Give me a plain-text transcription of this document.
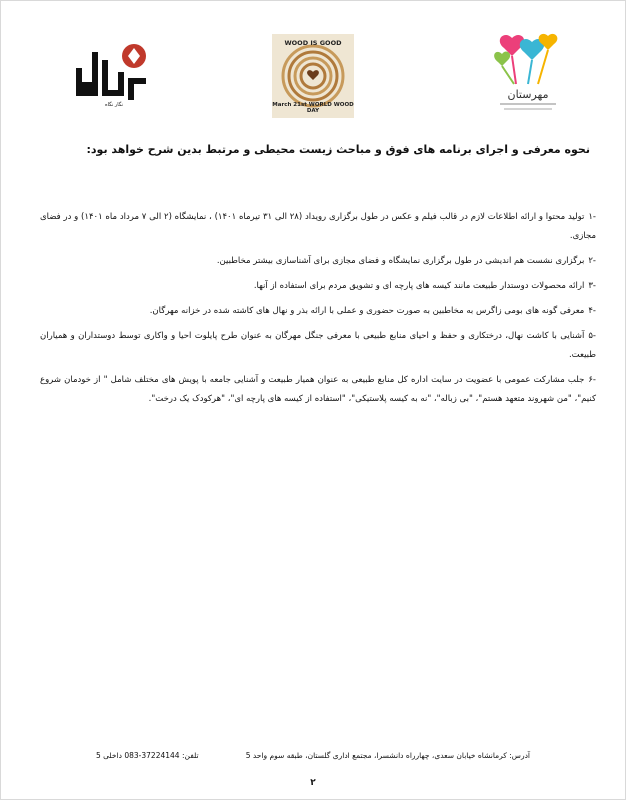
مهرستان
WOOD IS GOOD
March 21st WORLD WOOD DAY
نگار نگاه
نحوه معرفی و اجرای برنامه های فوق و مباحث زیست محیطی و مرتبط بدین شرح خواهد بود:
-۱تولید محتوا و ارائه اطلاعات لازم در قالب فیلم و عکس در طول برگزاری رویداد (۲۸ الی ۳۱ تیرماه ۱۴۰۱) ، نمایشگاه (۲ الی ۷ مرداد ماه ۱۴۰۱) و در فضای مجازی.
-۲برگزاری نشست هم اندیشی در طول برگزاری نمایشگاه و فضای مجازی برای آشناسازی بیشتر مخاطبین.
-۳ارائه محصولات دوستدار طبیعت مانند کیسه های پارچه ای و تشویق مردم برای استفاده از آنها.
-۴معرفی گونه های بومی زاگرس به مخاطبین به صورت حضوری و عملی با ارائه بذر و نهال های کاشته شده در خزانه مهرگان.
-۵آشنایی با کاشت نهال، درختکاری و حفظ و احیای منابع طبیعی با معرفی جنگل مهرگان به عنوان طرح پایلوت احیا و واکاری توسط دوستداران و همیاران طبیعت.
-۶جلب مشارکت عمومی با عضویت در سایت اداره کل منابع طبیعی به عنوان همیار طبیعت و آشنایی جامعه با پویش های مختلف شامل " از خودمان شروع کنیم"، "من شهروند متعهد هستم"، "بی زباله"، "نه به کیسه پلاستیکی"، "استفاده از کیسه های پارچه ای"، "هرکودک یک درخت".
آدرس: کرمانشاه خیابان سعدی، چهارراه دانشسرا، مجتمع اداری گلستان، طبقه سوم واحد 5
تلفن: 37224144-083 داخلی 5
۲
